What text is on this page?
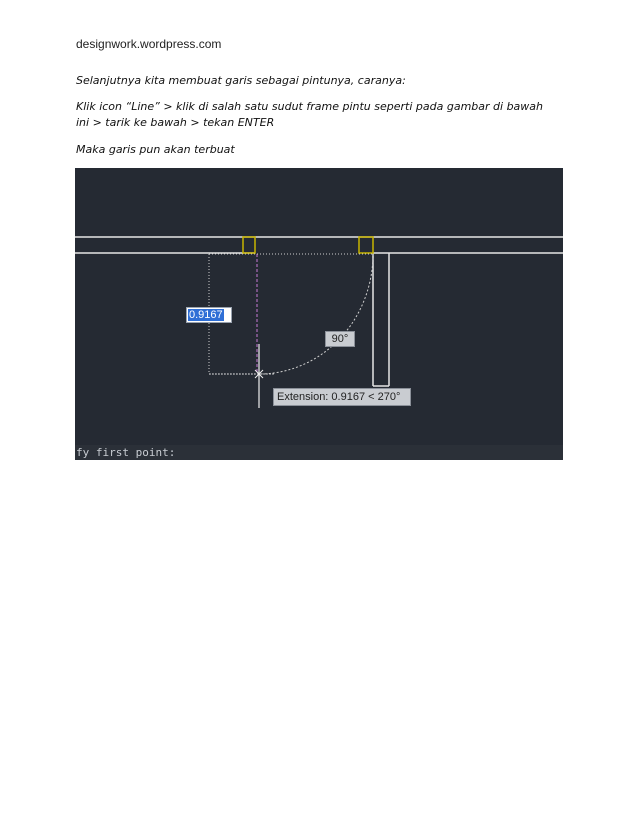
designwork.wordpress.com
Selanjutnya kita membuat garis sebagai pintunya, caranya:
Klik icon “Line” > klik di salah satu sudut frame pintu seperti pada gambar di bawah ini > tarik ke bawah > tekan ENTER
Maka garis pun akan terbuat
0.9167
90°
Extension: 0.9167 < 270°
fy first point:
